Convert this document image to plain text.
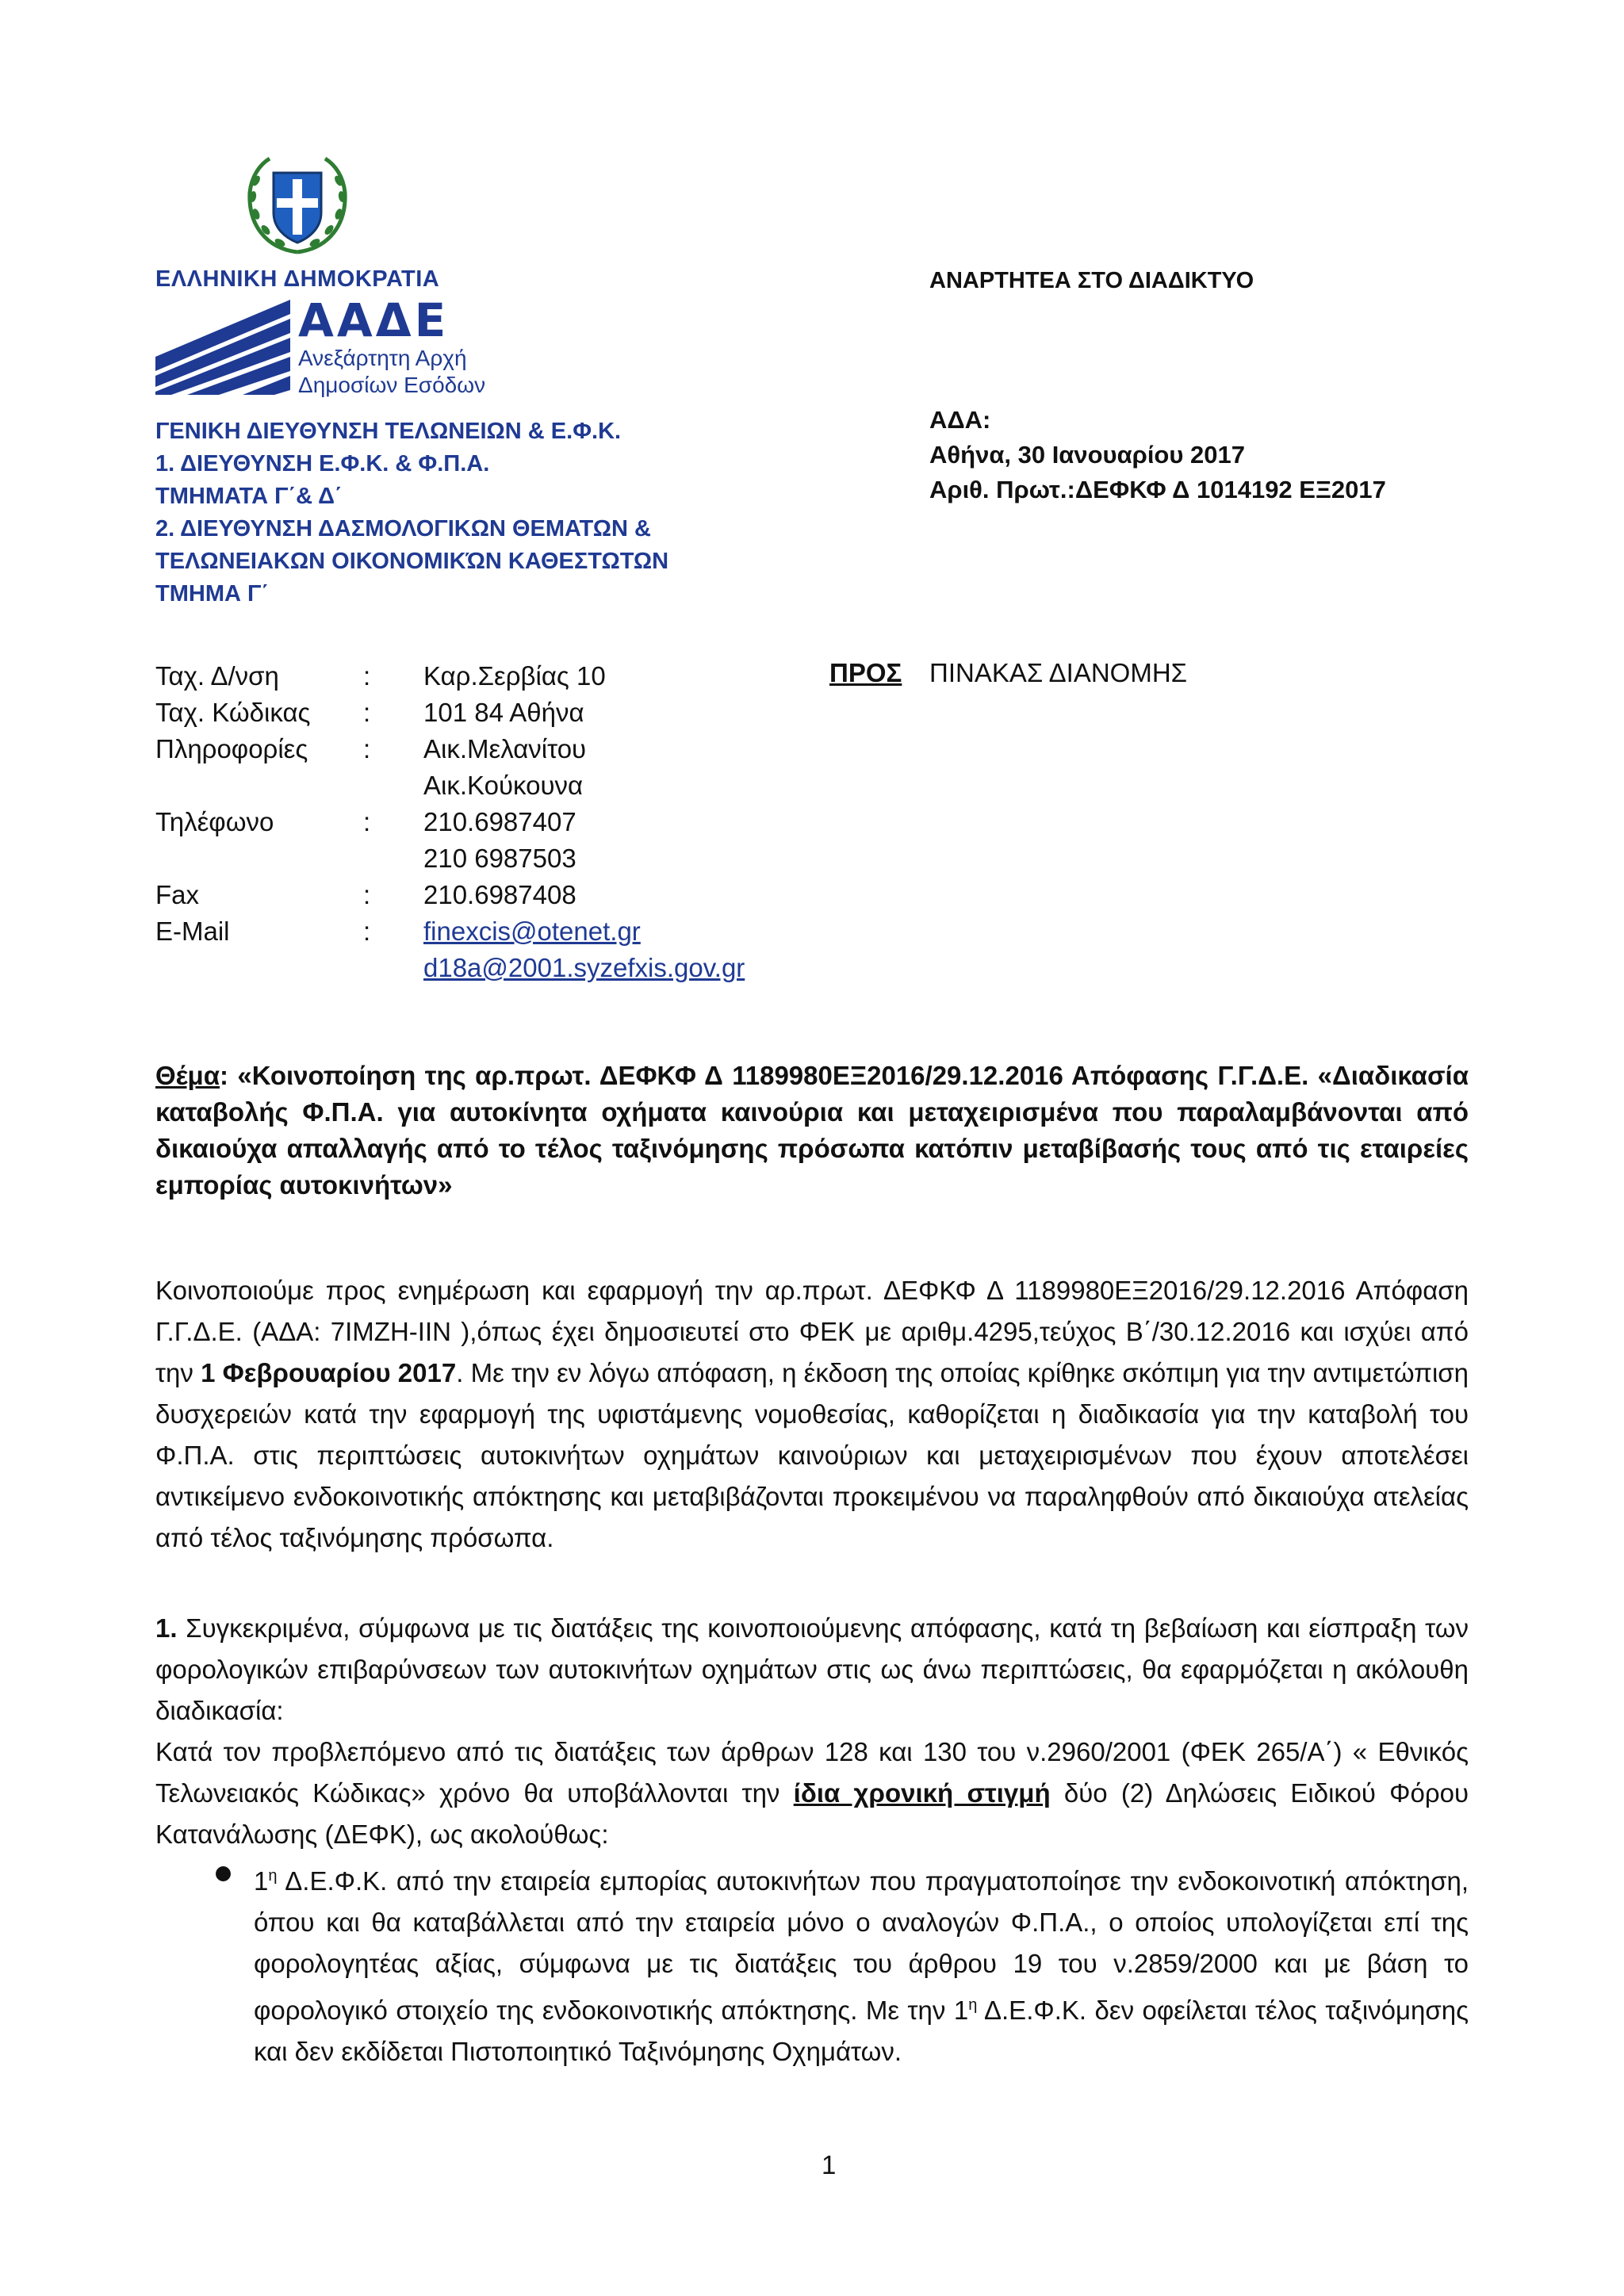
ΕΛΛΗΝΙΚΗ ΔΗΜΟΚΡΑΤΙΑ
ΑΑΔΕ
Ανεξάρτητη Αρχή
Δημοσίων Εσόδων
ΓΕΝΙΚΗ ΔΙΕΥΘΥΝΣΗ ΤΕΛΩΝΕΙΩΝ & Ε.Φ.Κ.
1. ΔΙΕΥΘΥΝΣΗ Ε.Φ.Κ. & Φ.Π.Α.
ΤΜΗΜΑΤΑ Γ΄& Δ΄
2. ΔΙΕΥΘΥΝΣΗ ΔΑΣΜΟΛΟΓΙΚΩΝ ΘΕΜΑΤΩΝ &
ΤΕΛΩΝΕΙΑΚΩΝ ΟΙΚΟΝΟΜΙΚΏΝ ΚΑΘΕΣΤΩΤΩΝ
ΤΜΗΜΑ Γ΄
ΑΝΑΡΤΗΤΕΑ ΣΤΟ ΔΙΑΔΙΚΤΥΟ
ΑΔΑ:
Αθήνα, 30 Ιανουαρίου 2017
Αριθ. Πρωτ.:ΔΕΦΚΦ Δ 1014192 ΕΞ2017
Ταχ. Δ/νση	:	Καρ.Σερβίας 10
Ταχ. Κώδικας	:	101 84 Αθήνα
Πληροφορίες	:	Αικ.Μελανίτου
Αικ.Κούκουνα
Τηλέφωνο	:	210.6987407
210 6987503
Fax	:	210.6987408
E-Mail	:	finexcis@otenet.gr
d18a@2001.syzefxis.gov.gr
ΠΡΟΣ	ΠΙΝΑΚΑΣ ΔΙΑΝΟΜΗΣ
Θέμα: «Κοινοποίηση της αρ.πρωτ. ΔΕΦΚΦ Δ 1189980ΕΞ2016/29.12.2016 Απόφασης Γ.Γ.Δ.Ε. «Διαδικασία καταβολής Φ.Π.Α. για αυτοκίνητα οχήματα καινούρια και μεταχειρισμένα που παραλαμβάνονται από δικαιούχα απαλλαγής από το τέλος ταξινόμησης πρόσωπα κατόπιν μεταβίβασής τους από τις εταιρείες εμπορίας αυτοκινήτων»
Κοινοποιούμε προς ενημέρωση και εφαρμογή την αρ.πρωτ. ΔΕΦΚΦ Δ 1189980ΕΞ2016/29.12.2016 Απόφαση Γ.Γ.Δ.Ε. (ΑΔΑ: 7ΙΜΖΗ-ΙΙΝ ),όπως έχει δημοσιευτεί στο ΦΕΚ με αριθμ.4295,τεύχος Β΄/30.12.2016 και ισχύει από την 1 Φεβρουαρίου 2017. Με την εν λόγω απόφαση, η έκδοση της οποίας κρίθηκε σκόπιμη για την αντιμετώπιση δυσχερειών κατά την εφαρμογή της υφιστάμενης νομοθεσίας, καθορίζεται η διαδικασία για την καταβολή του Φ.Π.Α. στις περιπτώσεις αυτοκινήτων οχημάτων καινούριων και μεταχειρισμένων που έχουν αποτελέσει αντικείμενο ενδοκοινοτικής απόκτησης και μεταβιβάζονται προκειμένου να παραληφθούν από δικαιούχα ατελείας από τέλος ταξινόμησης πρόσωπα.
1. Συγκεκριμένα, σύμφωνα με τις διατάξεις της κοινοποιούμενης απόφασης, κατά τη βεβαίωση και είσπραξη των φορολογικών επιβαρύνσεων των αυτοκινήτων οχημάτων στις ως άνω περιπτώσεις, θα εφαρμόζεται η ακόλουθη διαδικασία:
Κατά τον προβλεπόμενο από τις διατάξεις των άρθρων 128 και 130 του ν.2960/2001 (ΦΕΚ 265/Α΄) « Εθνικός Τελωνειακός Κώδικας» χρόνο θα υποβάλλονται την ίδια χρονική στιγμή δύο (2) Δηλώσεις Ειδικού Φόρου Κατανάλωσης (ΔΕΦΚ), ως ακολούθως:
$1^\eta$ Δ.Ε.Φ.Κ. από την εταιρεία εμπορίας αυτοκινήτων που πραγματοποίησε την ενδοκοινοτική απόκτηση, όπου και θα καταβάλλεται από την εταιρεία μόνο ο αναλογών Φ.Π.Α., ο οποίος υπολογίζεται επί της φορολογητέας αξίας, σύμφωνα με τις διατάξεις του άρθρου 19 του ν.2859/2000 και με βάση το φορολογικό στοιχείο της ενδοκοινοτικής απόκτησης. Με την $1^\eta$ Δ.Ε.Φ.Κ. δεν οφείλεται τέλος ταξινόμησης και δεν εκδίδεται Πιστοποιητικό Ταξινόμησης Οχημάτων.
1
